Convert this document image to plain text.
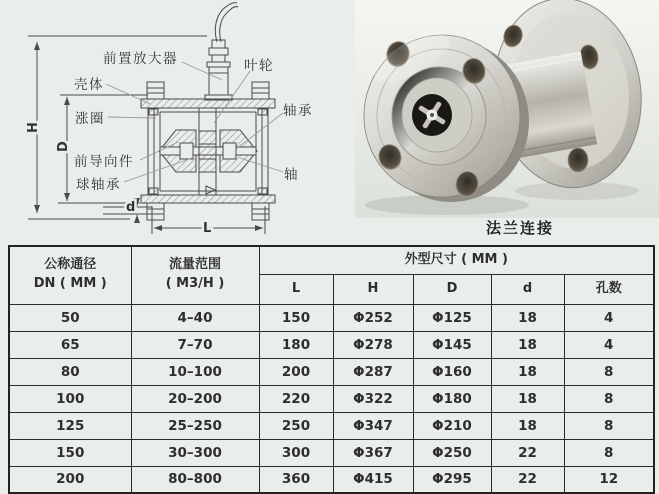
前置放大器	叶轮
壳体
涨圈
前导向件
球轴承
轴承
轴
H
D
d
L	法兰连接
公称通径
DN ( MM )

流量范围
( M3/H )
	外型尺寸 ( MM )
		L	H	D	d	孔数
50	4–40	150	Φ252	Φ125	18	4
65	7–70	180	Φ278	Φ145	18	4
80	10–100	200	Φ287	Φ160	18	8
100	20–200	220	Φ322	Φ180	18	8
125	25–250	250	Φ347	Φ210	18	8
150	30–300	300	Φ367	Φ250	22	8
200	80–800	360	Φ415	Φ295	22	12
